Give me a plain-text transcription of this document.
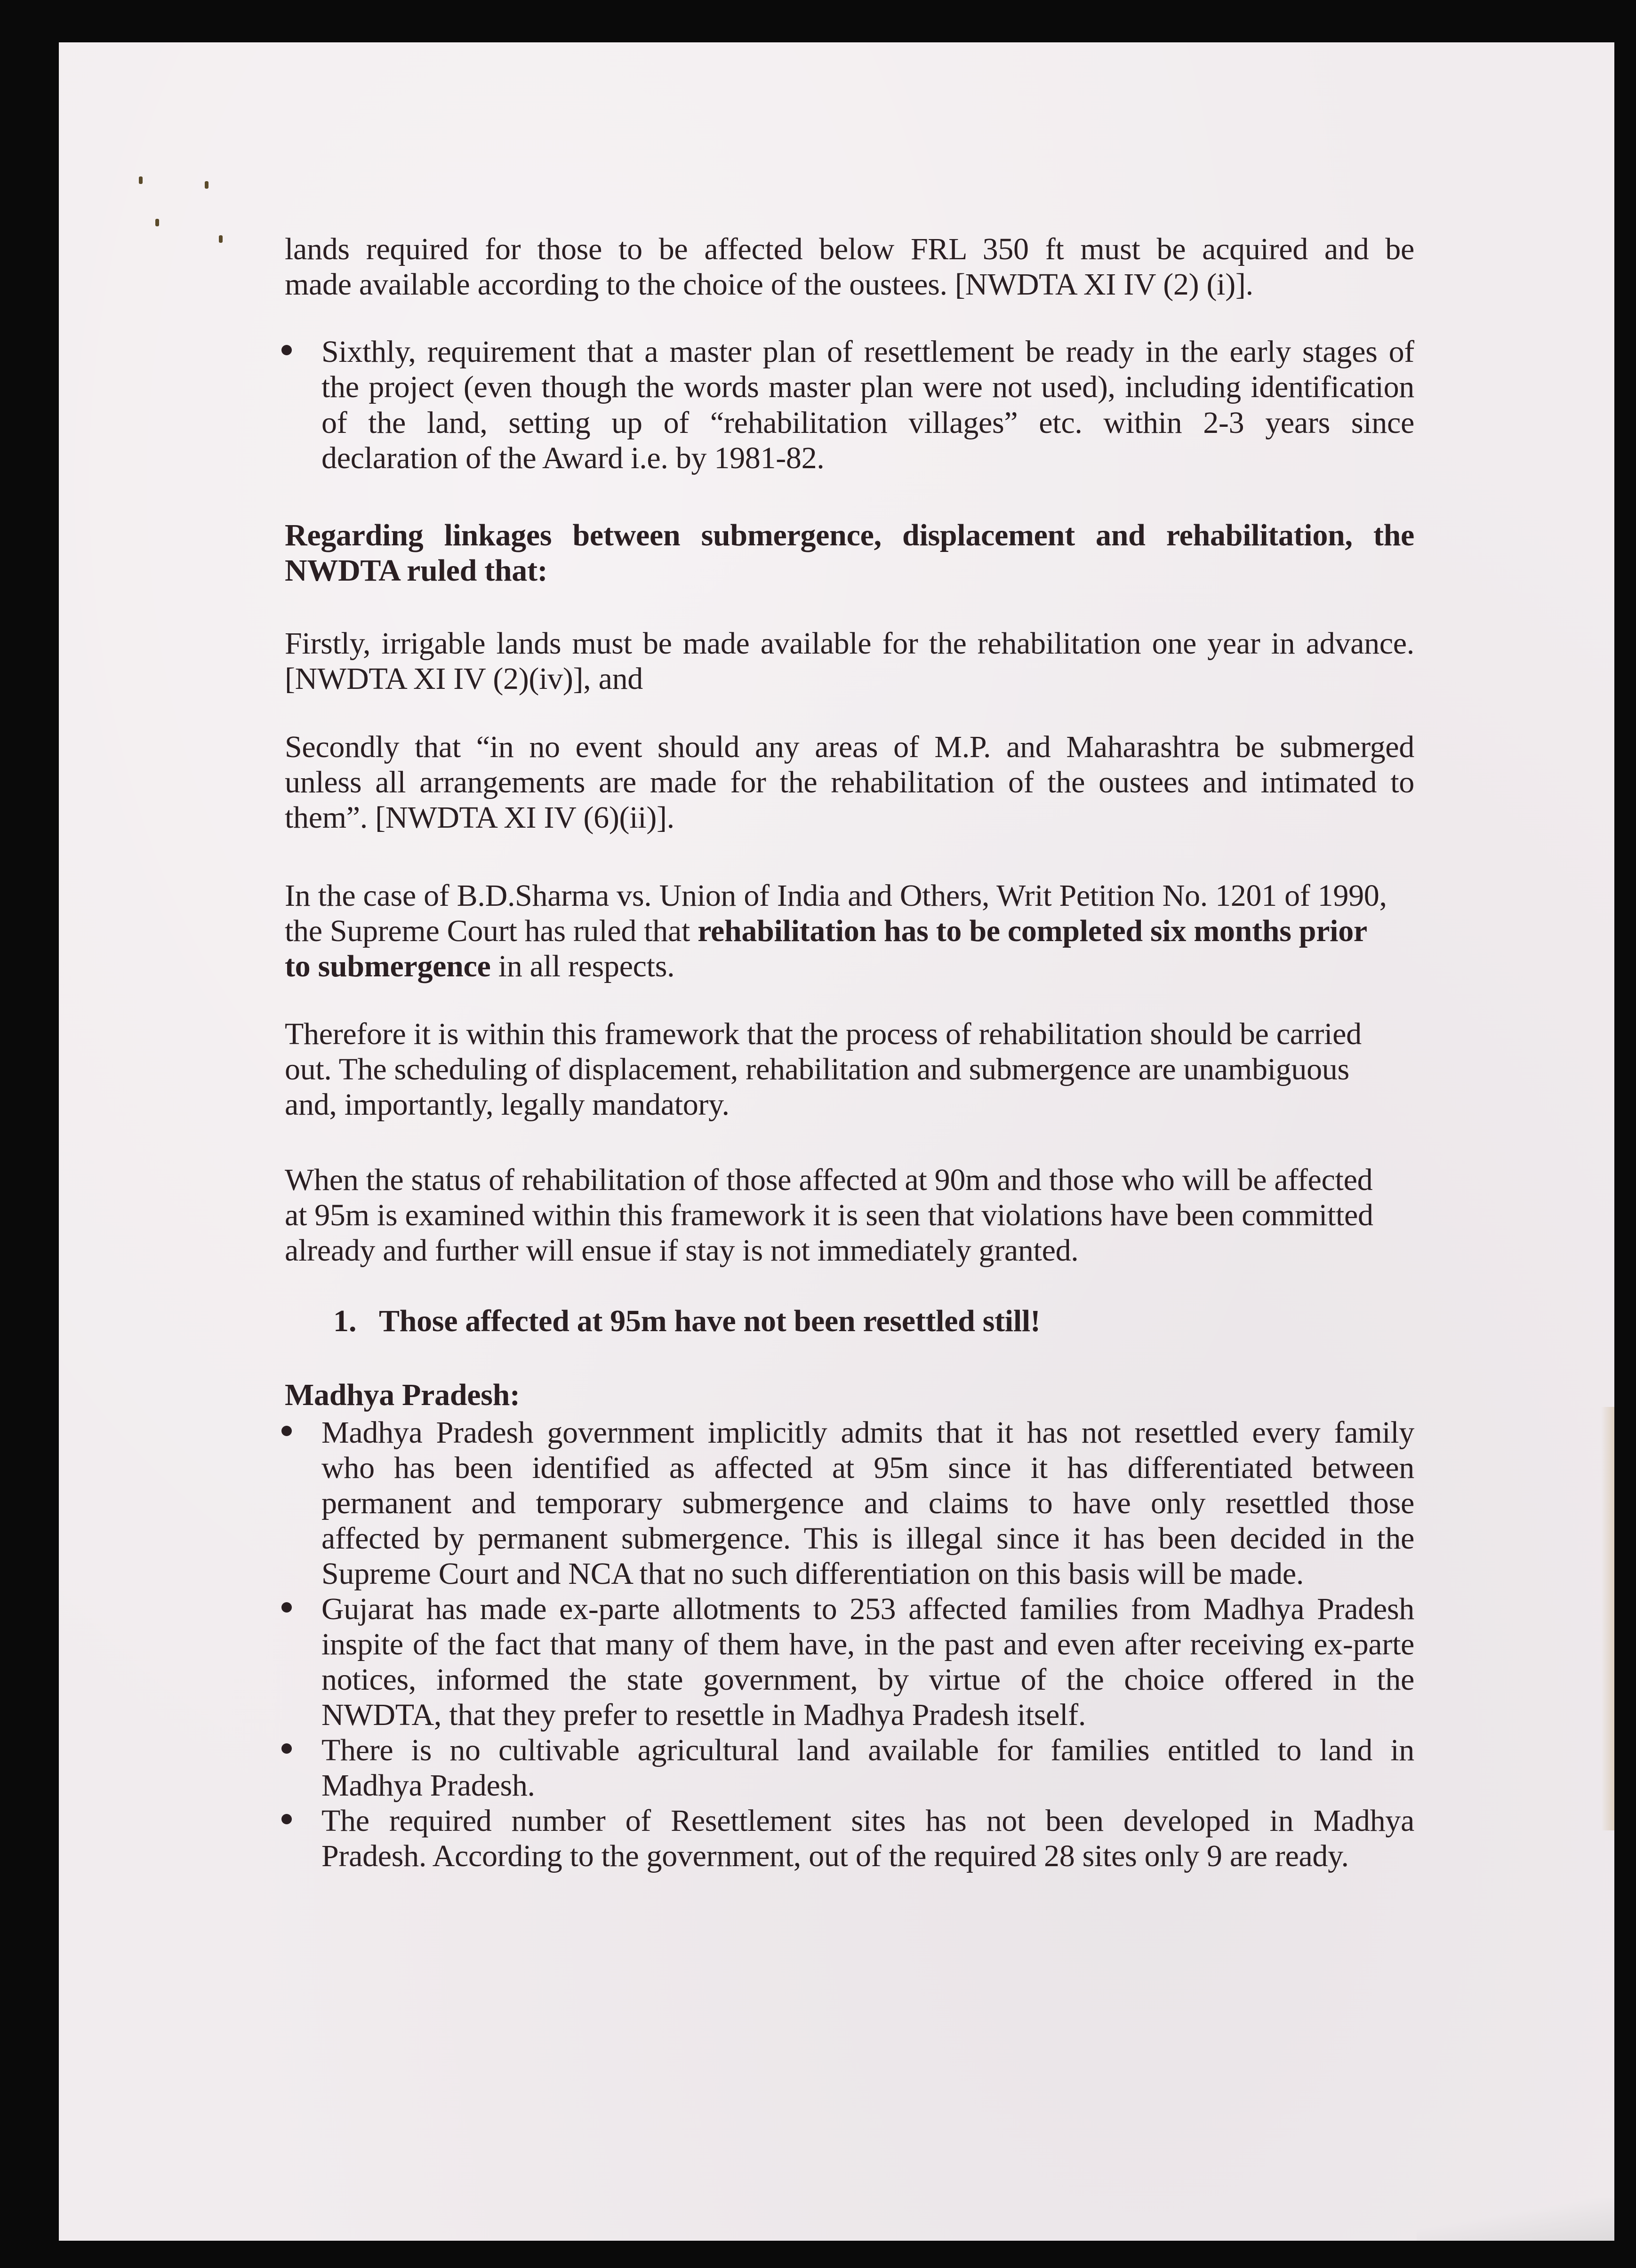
lands required for those to be affected below FRL 350 ft must be acquired and be
made available according to the choice of the oustees. [NWDTA XI IV (2) (i)].
Sixthly, requirement that a master plan of resettlement be ready in the early stages of
the project (even though the words master plan were not used), including identification
of the land, setting up of “rehabilitation villages” etc. within 2-3 years since
declaration of the Award i.e. by 1981-82.
Regarding linkages between submergence, displacement and rehabilitation, the
NWDTA ruled that:
Firstly, irrigable lands must be made available for the rehabilitation one year in advance.
[NWDTA XI IV (2)(iv)], and
Secondly that “in no event should any areas of M.P. and Maharashtra be submerged
unless all arrangements are made for the rehabilitation of the oustees and intimated to
them”. [NWDTA XI IV (6)(ii)].
In the case of B.D.Sharma vs. Union of India and Others, Writ Petition No. 1201 of 1990,
the Supreme Court has ruled that rehabilitation has to be completed six months prior
to submergence in all respects.
Therefore it is within this framework that the process of rehabilitation should be carried
out. The scheduling of displacement, rehabilitation and submergence are unambiguous
and, importantly, legally mandatory.
When the status of rehabilitation of those affected at 90m and those who will be affected
at 95m is examined within this framework it is seen that violations have been committed
already and further will ensue if stay is not immediately granted.
1. Those affected at 95m have not been resettled still!
Madhya Pradesh:
Madhya Pradesh government implicitly admits that it has not resettled every family
who has been identified as affected at 95m since it has differentiated between
permanent and temporary submergence and claims to have only resettled those
affected by permanent submergence. This is illegal since it has been decided in the
Supreme Court and NCA that no such differentiation on this basis will be made.
Gujarat has made ex-parte allotments to 253 affected families from Madhya Pradesh
inspite of the fact that many of them have, in the past and even after receiving ex-parte
notices, informed the state government, by virtue of the choice offered in the
NWDTA, that they prefer to resettle in Madhya Pradesh itself.
There is no cultivable agricultural land available for families entitled to land in
Madhya Pradesh.
The required number of Resettlement sites has not been developed in Madhya
Pradesh. According to the government, out of the required 28 sites only 9 are ready.
